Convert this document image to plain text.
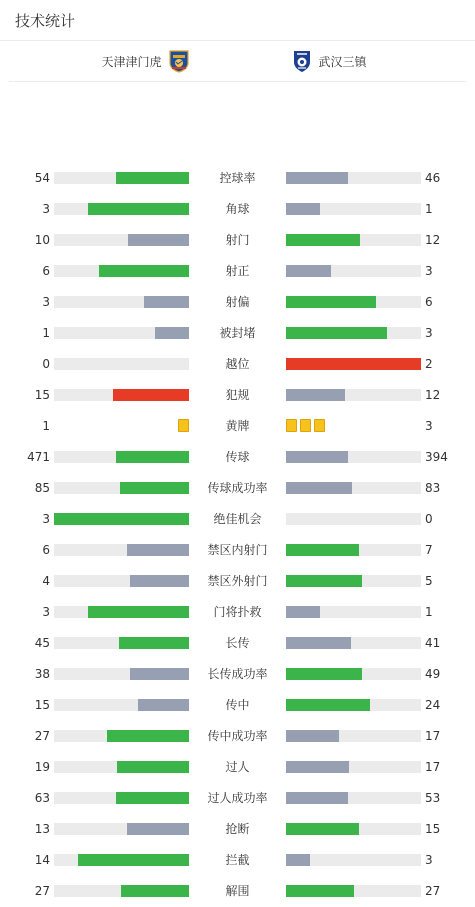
技术统计
天津津门虎	武汉三镇
54	控球率	46
3	角球	1
10	射门	12
6	射正	3
3	射偏	6
1	被封堵	3
0	越位	2
15	犯规	12
1	黄牌	3
471	传球	394
85	传球成功率	83
3	绝佳机会	0
6	禁区内射门	7
4	禁区外射门	5
3	门将扑救	1
45	长传	41
38	长传成功率	49
15	传中	24
27	传中成功率	17
19	过人	17
63	过人成功率	53
13	抢断	15
14	拦截	3
27	解围	27
